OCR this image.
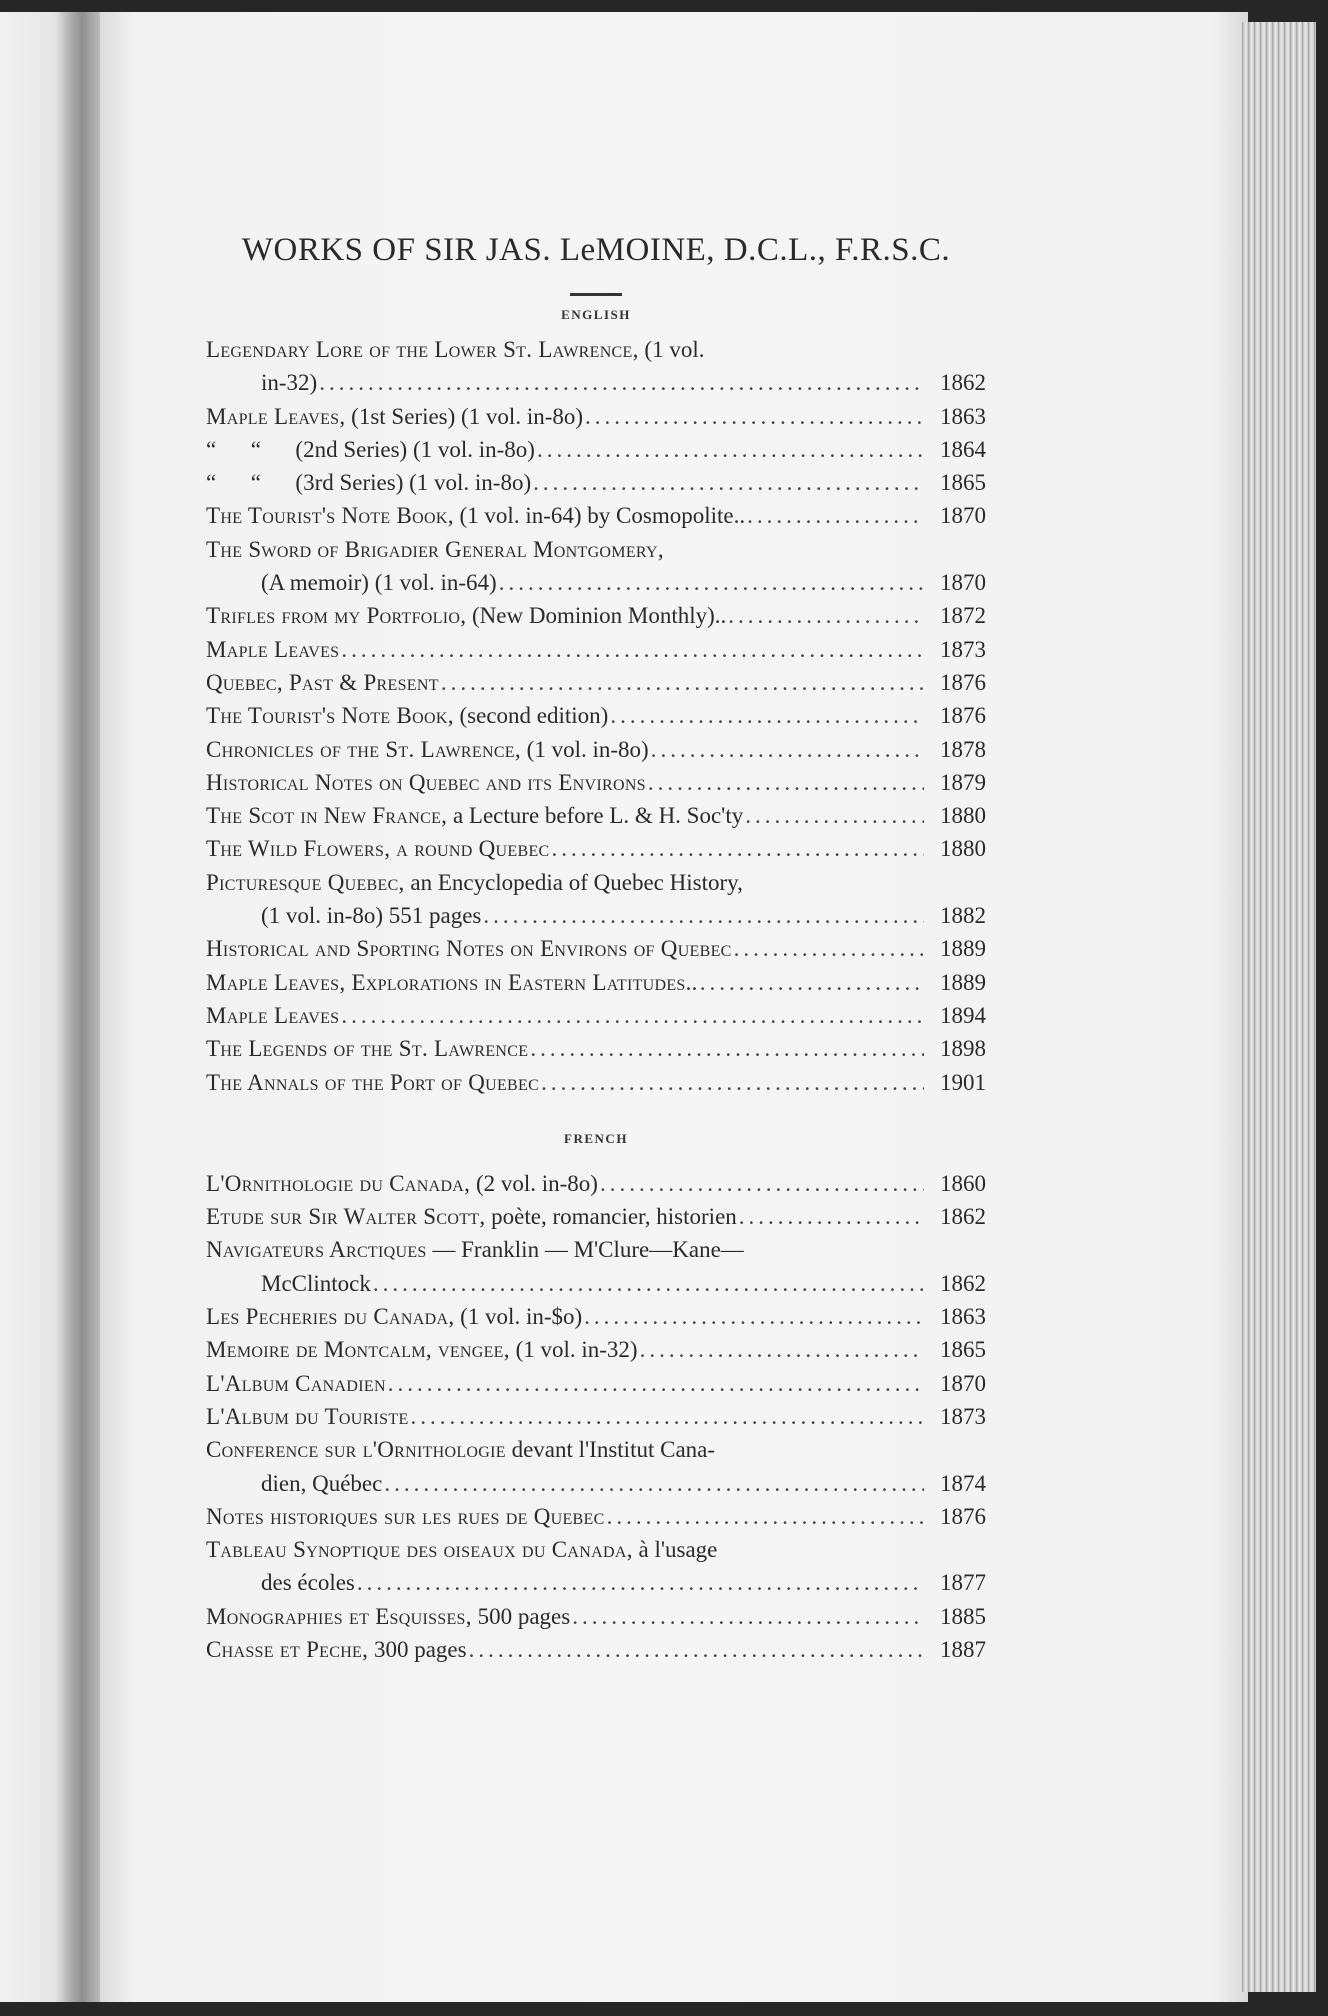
WORKS OF SIR JAS. LeMOINE, D.C.L., F.R.S.C.
ENGLISH
Legendary Lore of the Lower St. Lawrence, (1 vol.
in-32) .....	1862
Maple Leaves, (1st Series) (1 vol. in-8o) .....	1863
“      “      (2nd Series) (1 vol. in-8o) .....	1864
“      “      (3rd Series) (1 vol. in-8o) .....	1865
The Tourist's Note Book, (1 vol. in-64) by Cosmopolite.. .....	1870
The Sword of Brigadier General Montgomery,
(A memoir) (1 vol. in-64) .....	1870
Trifles from my Portfolio, (New Dominion Monthly).. .....	1872
Maple Leaves .....	1873
Quebec, Past & Present .....	1876
The Tourist's Note Book, (second edition) .....	1876
Chronicles of the St. Lawrence, (1 vol. in-8o) .....	1878
Historical Notes on Quebec and its Environs .....	1879
The Scot in New France, a Lecture before L. & H. Soc'ty .....	1880
The Wild Flowers, a round Quebec .....	1880
Picturesque Quebec, an Encyclopedia of Quebec History,
(1 vol. in-8o) 551 pages .....	1882
Historical and Sporting Notes on Environs of Quebec .....	1889
Maple Leaves, Explorations in Eastern Latitudes.. .....	1889
Maple Leaves .....	1894
The Legends of the St. Lawrence .....	1898
The Annals of the Port of Quebec .....	1901
FRENCH
L'Ornithologie du Canada, (2 vol. in-8o) .....	1860
Etude sur Sir Walter Scott, poète, romancier, historien .....	1862
Navigateurs Arctiques — Franklin — M'Clure—Kane—
McClintock .....	1862
Les Pecheries du Canada, (1 vol. in-$o) .....	1863
Memoire de Montcalm, vengee, (1 vol. in-32) .....	1865
L'Album Canadien .....	1870
L'Album du Touriste .....	1873
Conference sur l'Ornithologie devant l'Institut Cana-
dien, Québec .....	1874
Notes historiques sur les rues de Quebec .....	1876
Tableau Synoptique des oiseaux du Canada, à l'usage
des écoles .....	1877
Monographies et Esquisses, 500 pages .....	1885
Chasse et Peche, 300 pages .....	1887
